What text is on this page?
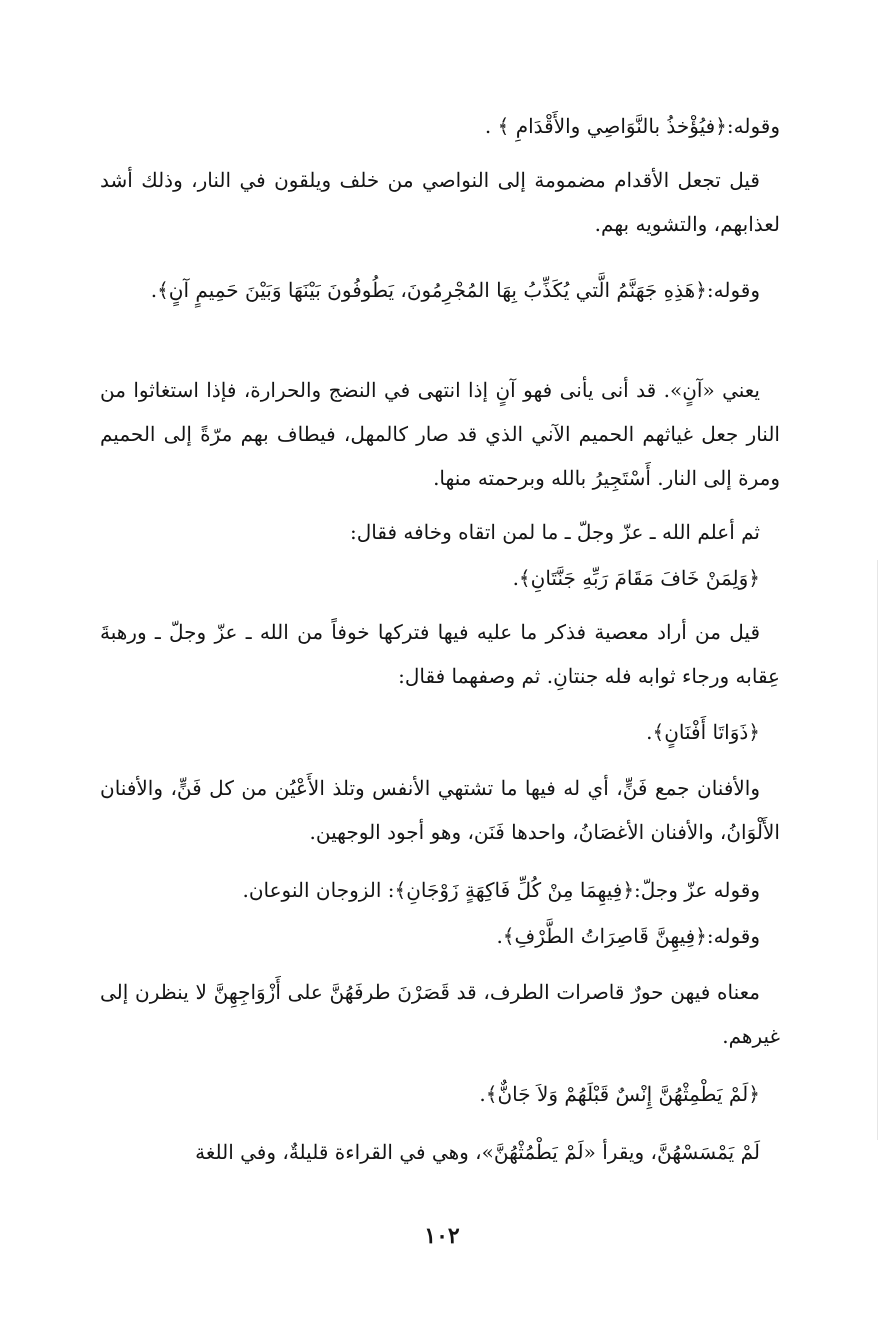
وقوله:﴿فيُؤْخذُ بالنَّوَاصِي والأَقْدَامِ ﴾ .
قيل تجعل الأقدام مضمومة إلى النواصي من خلف ويلقون في النار، وذلك أشد لعذابهم، والتشويه بهم.
وقوله:﴿هَذِهِ جَهَنَّمُ الَّتي يُكَذِّبُ بِهَا المُجْرِمُونَ، يَطُوفُونَ بَيْنَهَا وَبَيْنَ حَمِيمٍ آنٍ﴾.
يعني «آنٍ». قد أنى يأنى فهو آنٍ إذا انتهى في النضج والحرارة، فإذا استغاثوا من النار جعل غياثهم الحميم الآني الذي قد صار كالمهل، فيطاف بهم مرّةً إلى الحميم ومرة إلى النار. أَسْتَجِيرُ بالله وبرحمته منها.
ثم أعلم الله ـ عزّ وجلّ ـ ما لمن اتقاه وخافه فقال:
﴿وَلِمَنْ خَافَ مَقَامَ رَبِّهِ جَنَّتَانِ﴾.
قيل من أراد معصية فذكر ما عليه فيها فتركها خوفاً من الله ـ عزّ وجلّ ـ ورهبةَ عِقابه ورجاء ثوابه فله جنتانِ. ثم وصفهما فقال:
﴿ذَوَاتَا أَفْنَانٍ﴾.
والأفنان جمع فَنٍّ، أي له فيها ما تشتهي الأنفس وتلذ الأَعْيُن من كل فَنٍّ، والأفنان الأَلْوَانُ، والأفنان الأغصَانُ، واحدها فَنَن، وهو أجود الوجهين.
وقوله عزّ وجلّ:﴿فِيهِمَا مِنْ كُلِّ فَاكِهَةٍ زَوْجَانِ﴾: الزوجان النوعان.
وقوله:﴿فِيهِنَّ قَاصِرَاتُ الطَّرْفِ﴾.
معناه فيهن حورٌ قاصرات الطرف، قد قَصَرْنَ طرفَهُنَّ على أَزْوَاجِهِنَّ لا ينظرن إلى غيرهم.
﴿لَمْ يَطْمِثْهُنَّ إِنْسٌ قَبْلَهُمْ وَلاَ جَانٌّ﴾.
لَمْ يَمْسَسْهُنَّ، ويقرأ «لَمْ يَطْمُثْهُنَّ»، وهي في القراءة قليلةٌ، وفي اللغة
١٠٢
